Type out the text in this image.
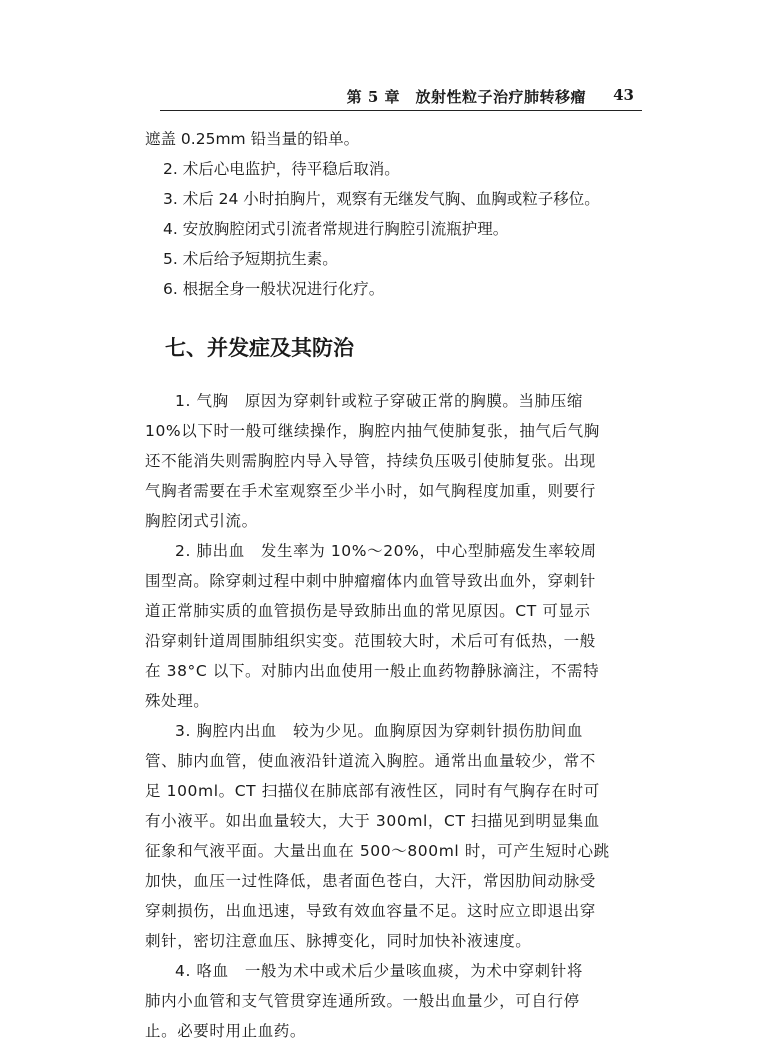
第 5 章　放射性粒子治疗肺转移瘤 43
遮盖 0.25mm 铅当量的铅单。
2. 术后心电监护，待平稳后取消。
3. 术后 24 小时拍胸片，观察有无继发气胸、血胸或粒子移位。
4. 安放胸腔闭式引流者常规进行胸腔引流瓶护理。
5. 术后给予短期抗生素。
6. 根据全身一般状况进行化疗。
七、并发症及其防治
1. 气胸　原因为穿刺针或粒子穿破正常的胸膜。当肺压缩
10%以下时一般可继续操作，胸腔内抽气使肺复张，抽气后气胸
还不能消失则需胸腔内导入导管，持续负压吸引使肺复张。出现
气胸者需要在手术室观察至少半小时，如气胸程度加重，则要行
胸腔闭式引流。
2. 肺出血　发生率为 10%～20%，中心型肺癌发生率较周
围型高。除穿刺过程中刺中肿瘤瘤体内血管导致出血外，穿刺针
道正常肺实质的血管损伤是导致肺出血的常见原因。CT 可显示
沿穿刺针道周围肺组织实变。范围较大时，术后可有低热，一般
在 38°C 以下。对肺内出血使用一般止血药物静脉滴注，不需特
殊处理。
3. 胸腔内出血　较为少见。血胸原因为穿刺针损伤肋间血
管、肺内血管，使血液沿针道流入胸腔。通常出血量较少，常不
足 100ml。CT 扫描仪在肺底部有液性区，同时有气胸存在时可
有小液平。如出血量较大，大于 300ml，CT 扫描见到明显集血
征象和气液平面。大量出血在 500～800ml 时，可产生短时心跳
加快，血压一过性降低，患者面色苍白，大汗，常因肋间动脉受
穿刺损伤，出血迅速，导致有效血容量不足。这时应立即退出穿
刺针，密切注意血压、脉搏变化，同时加快补液速度。
4. 咯血　一般为术中或术后少量咳血痰，为术中穿刺针将
肺内小血管和支气管贯穿连通所致。一般出血量少，可自行停
止。必要时用止血药。
